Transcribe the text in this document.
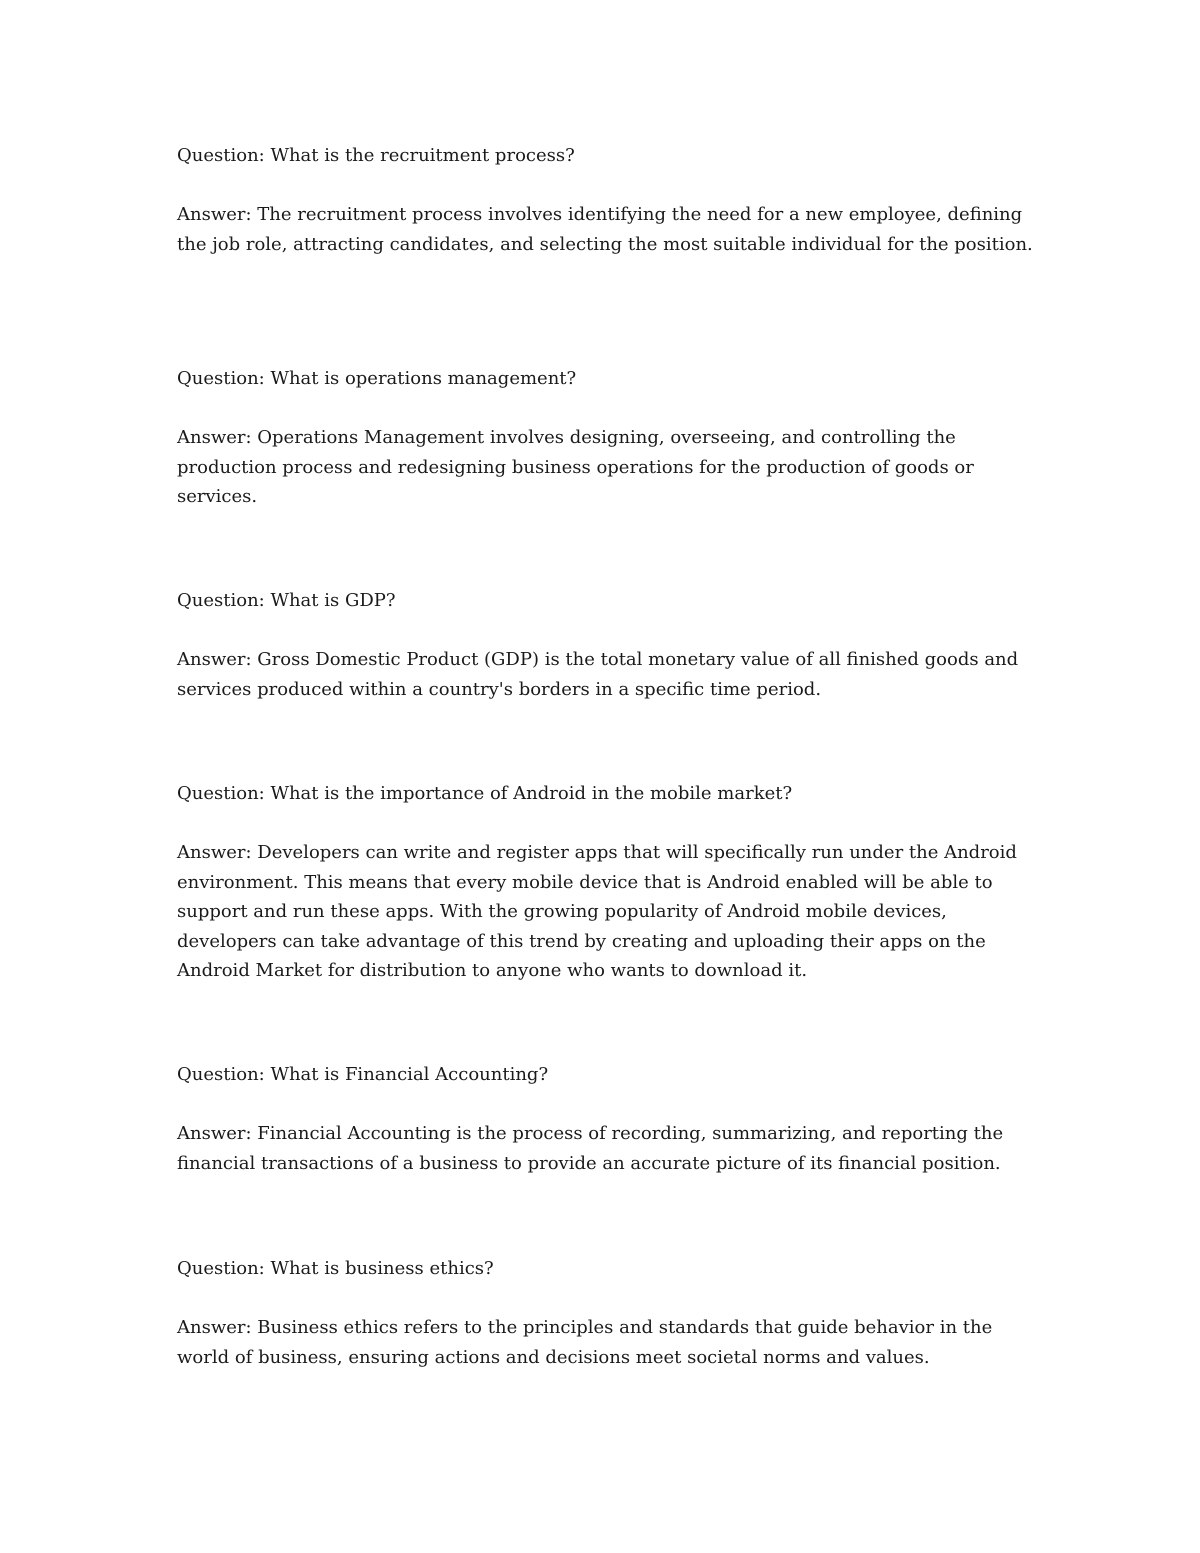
Question: What is the recruitment process?

Answer: The recruitment process involves identifying the need for a new employee, defining the job role, attracting candidates, and selecting the most suitable individual for the position.

Question: What is operations management?

Answer: Operations Management involves designing, overseeing, and controlling the production process and redesigning business operations for the production of goods or services.

Question: What is GDP?

Answer: Gross Domestic Product (GDP) is the total monetary value of all finished goods and services produced within a country's borders in a specific time period.

Question: What is the importance of Android in the mobile market?

Answer: Developers can write and register apps that will specifically run under the Android environment. This means that every mobile device that is Android enabled will be able to support and run these apps. With the growing popularity of Android mobile devices, developers can take advantage of this trend by creating and uploading their apps on the Android Market for distribution to anyone who wants to download it.

Question: What is Financial Accounting?

Answer: Financial Accounting is the process of recording, summarizing, and reporting the financial transactions of a business to provide an accurate picture of its financial position.

Question: What is business ethics?

Answer: Business ethics refers to the principles and standards that guide behavior in the world of business, ensuring actions and decisions meet societal norms and values.
